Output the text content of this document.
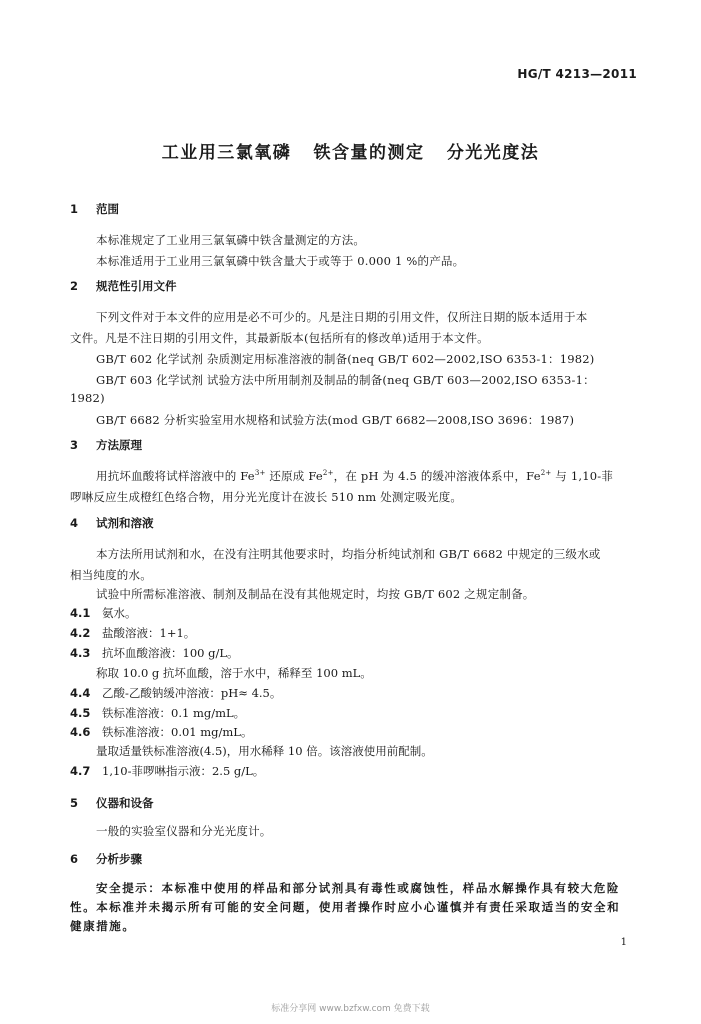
HG/T 4213—2011
工业用三氯氧磷   铁含量的测定   分光光度法
1 范围
本标准规定了工业用三氯氧磷中铁含量测定的方法。
本标准适用于工业用三氯氧磷中铁含量大于或等于 0.000 1 %的产品。
2 规范性引用文件
下列文件对于本文件的应用是必不可少的。凡是注日期的引用文件，仅所注日期的版本适用于本
文件。凡是不注日期的引用文件，其最新版本(包括所有的修改单)适用于本文件。
GB/T 602 化学试剂 杂质测定用标准溶液的制备(neq GB/T 602—2002,ISO 6353-1：1982)
GB/T 603 化学试剂 试验方法中所用制剂及制品的制备(neq GB/T 603—2002,ISO 6353-1：
1982)
GB/T 6682 分析实验室用水规格和试验方法(mod GB/T 6682—2008,ISO 3696：1987)
3 方法原理
用抗坏血酸将试样溶液中的 $Fe^{3+}$ 还原成 $Fe^{2+}$，在 pH 为 4.5 的缓冲溶液体系中，$Fe^{2+}$ 与 1,10-菲
啰啉反应生成橙红色络合物，用分光光度计在波长 510 nm 处测定吸光度。
4 试剂和溶液
本方法所用试剂和水，在没有注明其他要求时，均指分析纯试剂和 GB/T 6682 中规定的三级水或
相当纯度的水。
试验中所需标准溶液、制剂及制品在没有其他规定时，均按 GB/T 602 之规定制备。
4.1 氨水。
4.2 盐酸溶液：1+1。
4.3 抗坏血酸溶液：100 g/L。
称取 10.0 g 抗坏血酸，溶于水中，稀释至 100 mL。
4.4 乙酸-乙酸钠缓冲溶液：pH≈ 4.5。
4.5 铁标准溶液：0.1 mg/mL。
4.6 铁标准溶液：0.01 mg/mL。
量取适量铁标准溶液(4.5)，用水稀释 10 倍。该溶液使用前配制。
4.7 1,10-菲啰啉指示液：2.5 g/L。
5 仪器和设备
一般的实验室仪器和分光光度计。
6 分析步骤
安全提示：本标准中使用的样品和部分试剂具有毒性或腐蚀性，样品水解操作具有较大危险
性。本标准并未揭示所有可能的安全问题，使用者操作时应小心谨慎并有责任采取适当的安全和
健康措施。
1
标准分享网 www.bzfxw.com 免费下载
